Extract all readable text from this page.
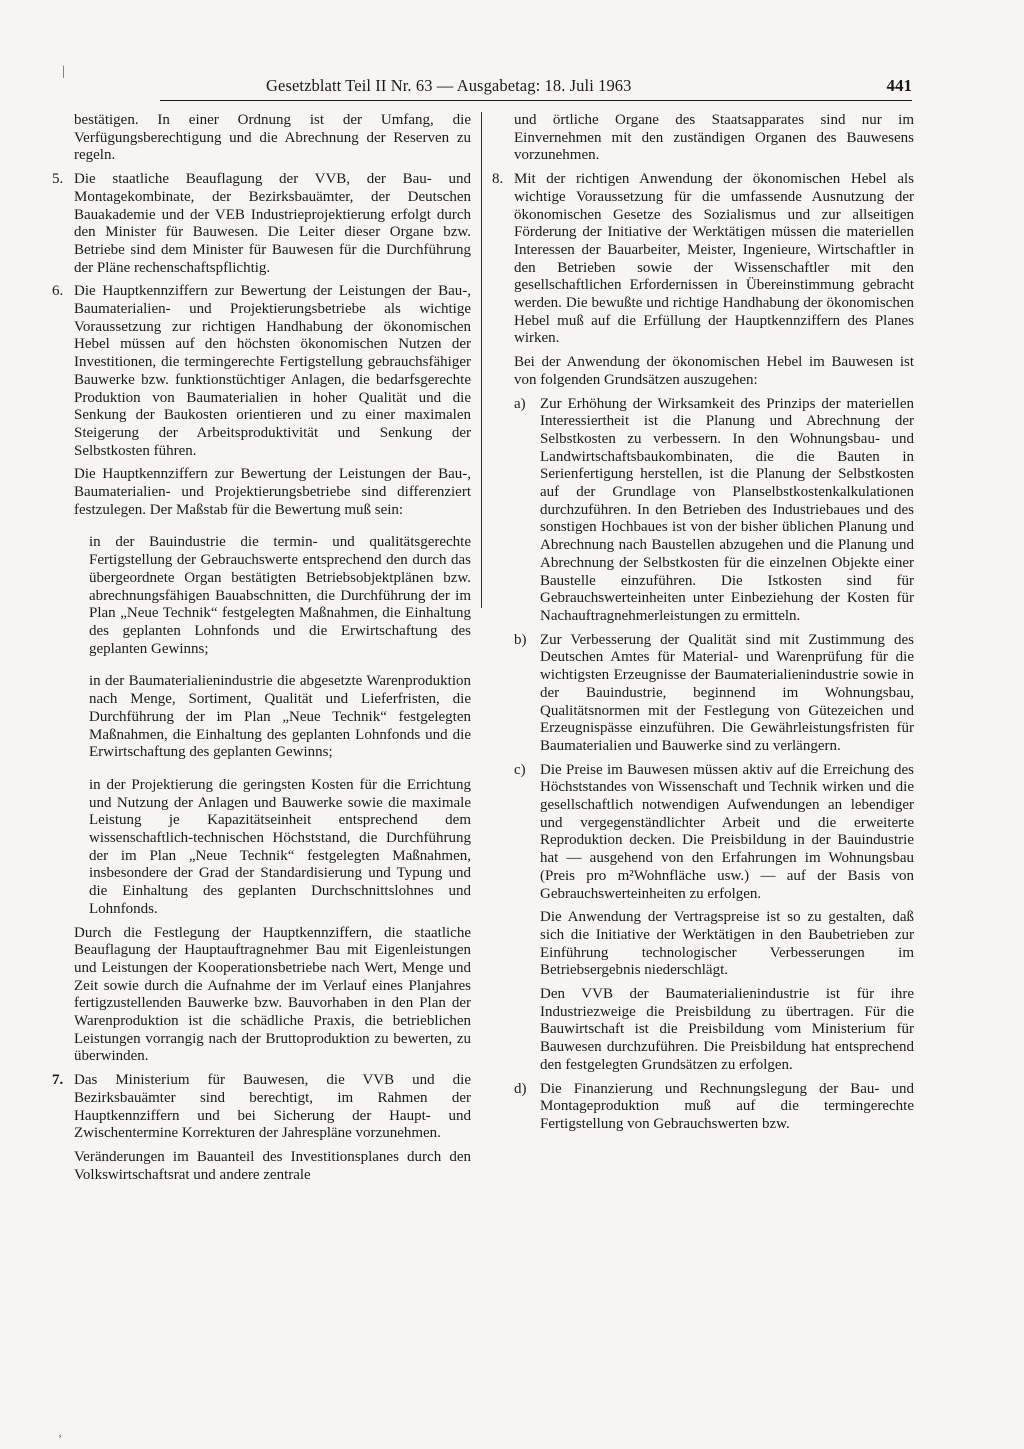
|
¸
Gesetzblatt Teil II Nr. 63 — Ausgabetag: 18. Juli 1963	441

bestätigen. In einer Ordnung ist der Umfang, die Verfügungsberechtigung und die Abrechnung der Reserven zu regeln.

5. Die staatliche Beauflagung der VVB, der Bau- und Montagekombinate, der Bezirksbauämter, der Deutschen Bauakademie und der VEB Industrieprojektierung erfolgt durch den Minister für Bauwesen. Die Leiter dieser Organe bzw. Betriebe sind dem Minister für Bauwesen für die Durchführung der Pläne rechenschaftspflichtig.
6. Die Hauptkennziffern zur Bewertung der Leistungen der Bau-, Baumaterialien- und Projektierungsbetriebe als wichtige Voraussetzung zur richtigen Handhabung der ökonomischen Hebel müssen auf den höchsten ökonomischen Nutzen der Investitionen, die termingerechte Fertigstellung gebrauchsfähiger Bauwerke bzw. funktionstüchtiger Anlagen, die bedarfsgerechte Produktion von Baumaterialien in hoher Qualität und die Senkung der Baukosten orientieren und zu einer maximalen Steigerung der Arbeitsproduktivität und Senkung der Selbstkosten führen.

Die Hauptkennziffern zur Bewertung der Leistungen der Bau-, Baumaterialien- und Projektierungsbetriebe sind differenziert festzulegen. Der Maßstab für die Bewertung muß sein:

in der Bauindustrie die termin- und qualitätsgerechte Fertigstellung der Gebrauchswerte entsprechend den durch das übergeordnete Organ bestätigten Betriebsobjektplänen bzw. abrechnungsfähigen Bauabschnitten, die Durchführung der im Plan „Neue Technik“ festgelegten Maßnahmen, die Einhaltung des geplanten Lohnfonds und die Erwirtschaftung des geplanten Gewinns;

in der Baumaterialienindustrie die abgesetzte Warenproduktion nach Menge, Sortiment, Qualität und Lieferfristen, die Durchführung der im Plan „Neue Technik“ festgelegten Maßnahmen, die Einhaltung des geplanten Lohnfonds und die Erwirtschaftung des geplanten Gewinns;

in der Projektierung die geringsten Kosten für die Errichtung und Nutzung der Anlagen und Bauwerke sowie die maximale Leistung je Kapazitätseinheit entsprechend dem wissenschaftlich-technischen Höchststand, die Durchführung der im Plan „Neue Technik“ festgelegten Maßnahmen, insbesondere der Grad der Standardisierung und Typung und die Einhaltung des geplanten Durchschnittslohnes und Lohnfonds.

Durch die Festlegung der Hauptkennziffern, die staatliche Beauflagung der Hauptauftragnehmer Bau mit Eigenleistungen und Leistungen der Kooperationsbetriebe nach Wert, Menge und Zeit sowie durch die Aufnahme der im Verlauf eines Planjahres fertigzustellenden Bauwerke bzw. Bauvorhaben in den Plan der Warenproduktion ist die schädliche Praxis, die betrieblichen Leistungen vorrangig nach der Bruttoproduktion zu bewerten, zu überwinden.

7. Das Ministerium für Bauwesen, die VVB und die Bezirksbauämter sind berechtigt, im Rahmen der Hauptkennziffern und bei Sicherung der Haupt- und Zwischentermine Korrekturen der Jahrespläne vorzunehmen.

Veränderungen im Bauanteil des Investitionsplanes durch den Volkswirtschaftsrat und andere zentrale

und örtliche Organe des Staatsapparates sind nur im Einvernehmen mit den zuständigen Organen des Bauwesens vorzunehmen.

8. Mit der richtigen Anwendung der ökonomischen Hebel als wichtige Voraussetzung für die umfassende Ausnutzung der ökonomischen Gesetze des Sozialismus und zur allseitigen Förderung der Initiative der Werktätigen müssen die materiellen Interessen der Bauarbeiter, Meister, Ingenieure, Wirtschaftler in den Betrieben sowie der Wissenschaftler mit den gesellschaftlichen Erfordernissen in Übereinstimmung gebracht werden. Die bewußte und richtige Handhabung der ökonomischen Hebel muß auf die Erfüllung der Hauptkennziffern des Planes wirken.

Bei der Anwendung der ökonomischen Hebel im Bauwesen ist von folgenden Grundsätzen auszugehen:

a) Zur Erhöhung der Wirksamkeit des Prinzips der materiellen Interessiertheit ist die Planung und Abrechnung der Selbstkosten zu verbessern. In den Wohnungsbau- und Landwirtschaftsbaukombinaten, die die Bauten in Serienfertigung herstellen, ist die Planung der Selbstkosten auf der Grundlage von Planselbstkostenkalkulationen durchzuführen. In den Betrieben des Industriebaues und des sonstigen Hochbaues ist von der bisher üblichen Planung und Abrechnung nach Baustellen abzugehen und die Planung und Abrechnung der Selbstkosten für die einzelnen Objekte einer Baustelle einzuführen. Die Istkosten sind für Gebrauchswerteinheiten unter Einbeziehung der Kosten für Nachauftragnehmerleistungen zu ermitteln.
b) Zur Verbesserung der Qualität sind mit Zustimmung des Deutschen Amtes für Material- und Warenprüfung für die wichtigsten Erzeugnisse der Baumaterialienindustrie sowie in der Bauindustrie, beginnend im Wohnungsbau, Qualitätsnormen mit der Festlegung von Gütezeichen und Erzeugnispässe einzuführen. Die Gewährleistungsfristen für Baumaterialien und Bauwerke sind zu verlängern.
c) Die Preise im Bauwesen müssen aktiv auf die Erreichung des Höchststandes von Wissenschaft und Technik wirken und die gesellschaftlich notwendigen Aufwendungen an lebendiger und vergegenständlichter Arbeit und die erweiterte Reproduktion decken. Die Preisbildung in der Bauindustrie hat — ausgehend von den Erfahrungen im Wohnungsbau (Preis pro m²Wohnfläche usw.) — auf der Basis von Gebrauchswerteinheiten zu erfolgen.

Die Anwendung der Vertragspreise ist so zu gestalten, daß sich die Initiative der Werktätigen in den Baubetrieben zur Einführung technologischer Verbesserungen im Betriebsergebnis niederschlägt.

Den VVB der Baumaterialienindustrie ist für ihre Industriezweige die Preisbildung zu übertragen. Für die Bauwirtschaft ist die Preisbildung vom Ministerium für Bauwesen durchzuführen. Die Preisbildung hat entsprechend den festgelegten Grundsätzen zu erfolgen.

d) Die Finanzierung und Rechnungslegung der Bau- und Montageproduktion muß auf die termingerechte Fertigstellung von Gebrauchswerten bzw.
